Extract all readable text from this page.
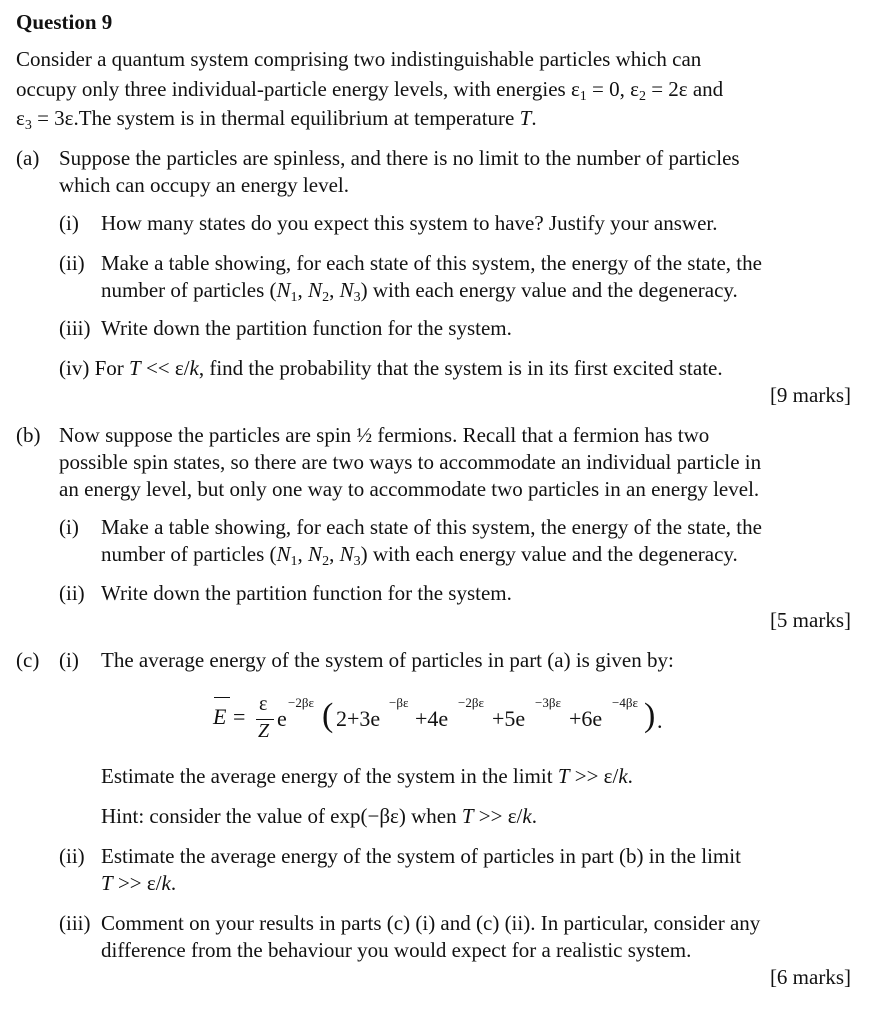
Question 9
Consider a quantum system comprising two indistinguishable particles which can
occupy only three individual-particle energy levels, with energies $\varepsilon_1 = 0$, $\varepsilon_2 = 2\varepsilon$ and
$\varepsilon_3 = 3\varepsilon.The$ system is in thermal equilibrium at temperature T.
(a) Suppose the particles are spinless, and there is no limit to the number of particles
which can occupy an energy level.
(i) How many states do you expect this system to have? Justify your answer.
(ii) Make a table showing, for each state of this system, the energy of the state, the
number of particles ($N_1$, $N_2$, $N_3$) with each energy value and the degeneracy.
(iii) Write down the partition function for the system.
(iv) For T << ε/k, find the probability that the system is in its first excited state.
[9 marks]
(b) Now suppose the particles are spin ½ fermions. Recall that a fermion has two
possible spin states, so there are two ways to accommodate an individual particle in
an energy level, but only one way to accommodate two particles in an energy level.
(i) Make a table showing, for each state of this system, the energy of the state, the
number of particles ($N_1$, $N_2$, $N_3$) with each energy value and the degeneracy.
(ii) Write down the partition function for the system.
[5 marks]
(c) (i) The average energy of the system of particles in part (a) is given by:
E = ε
Z e
−2βε ( 2+3e
−βε
+4e
−2βε
+5e
−3βε
+6e
−4βε ) .
Estimate the average energy of the system in the limit T >> ε/k.
Hint: consider the value of exp(−βε) when T >> ε/k.
(ii) Estimate the average energy of the system of particles in part (b) in the limit
T >> ε/k.
(iii) Comment on your results in parts (c) (i) and (c) (ii). In particular, consider any
difference from the behaviour you would expect for a realistic system.
[6 marks]
